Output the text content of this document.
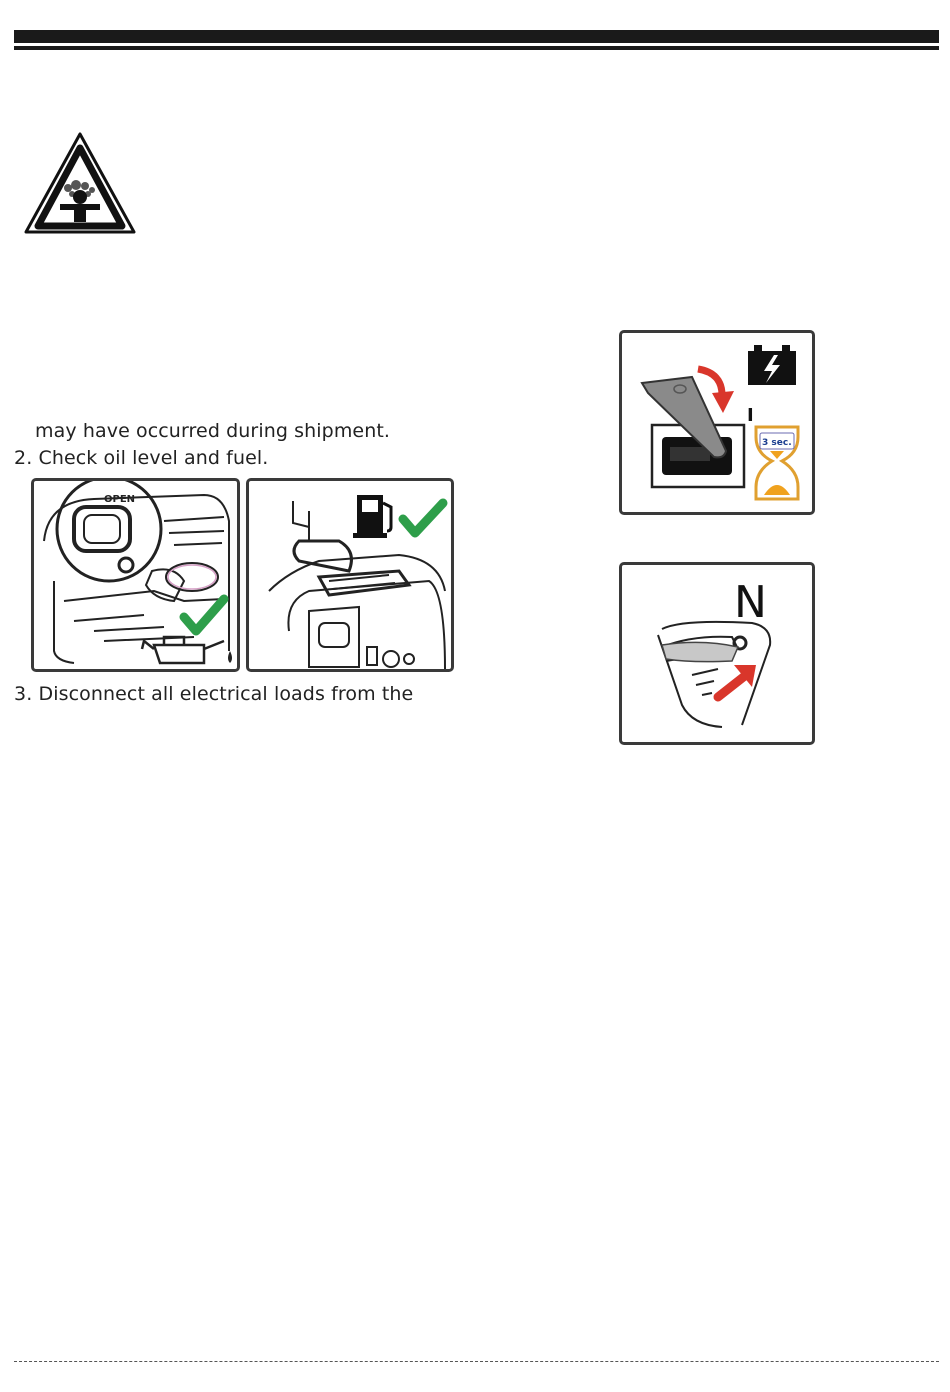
may have occurred during shipment.
2. Check oil level and fuel.
3. Disconnect all electrical loads from the
OPEN
I
3 sec.
N
